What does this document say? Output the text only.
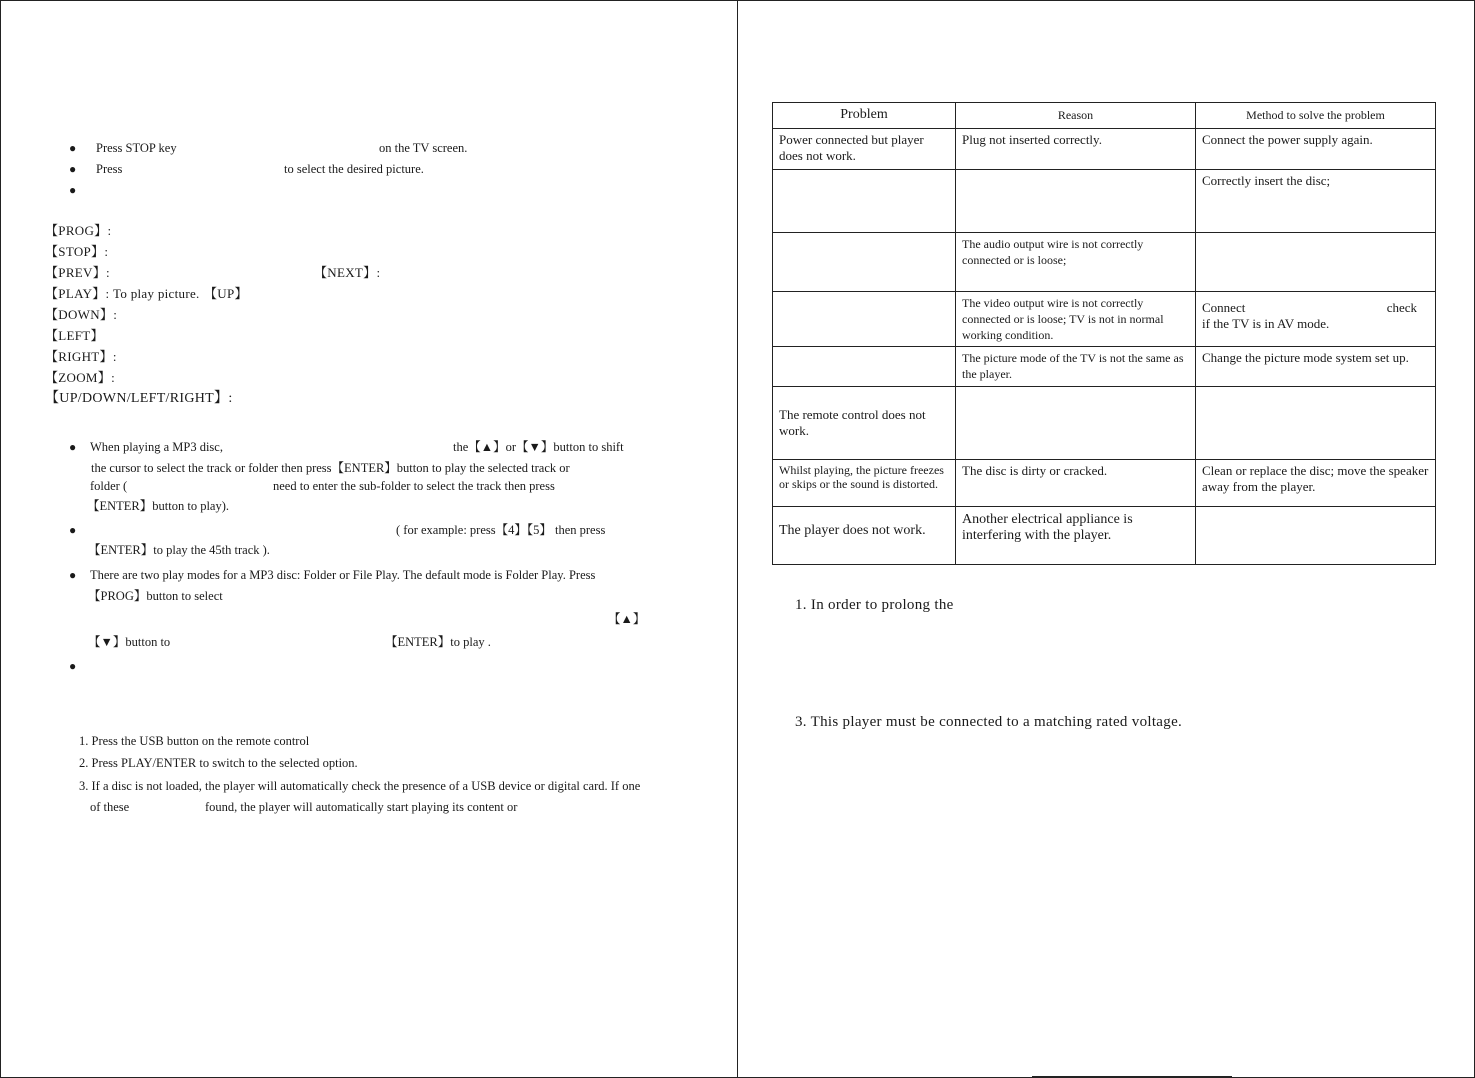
● Press STOP key	on the TV screen.
● Press	to select the desired picture.
●
【PROG】:
【STOP】:
【PREV】:	【NEXT】:
【PLAY】: To play picture. 【UP】
【DOWN】:
【LEFT】
【RIGHT】:
【ZOOM】:
【UP/DOWN/LEFT/RIGHT】:
● When playing a MP3 disc,	the【▲】or【▼】button to shift
the cursor to select the track or folder then press【ENTER】button to play the selected track or
folder (	need to enter the sub-folder to select the track then press
【ENTER】button to play).
●	( for example: press【4】【5】 then press
【ENTER】to play the 45th track ).
● There are two play modes for a MP3 disc: Folder or File Play. The default mode is Folder Play. Press
【PROG】button to select
【▲】
【▼】button to	【ENTER】to play .
●
1. Press the USB button on the remote control
2. Press PLAY/ENTER to switch to the selected option.
3. If a disc is not loaded, the player will automatically check the presence of a USB device or digital card. If one
of these	found, the player will automatically start playing its content or
Problem	Reason	Method to solve the problem
Power connected but player does not work.	Plug not inserted correctly.	Connect the power supply again.
		Correctly insert the disc;
	The audio output wire is not correctly connected or is loose;	
	The video output wire is not correctly connected or is loose; TV is not in normal working condition.	Connect check
if the TV is in AV mode.

	The picture mode of the TV is not the same as the player.	Change the picture mode system set up.
The remote control does not work.		
Whilst playing, the picture freezes or skips or the sound is distorted.	The disc is dirty or cracked.	Clean or replace the disc; move the speaker away from the player.
The player does not work.	Another electrical appliance is interfering with the player.	
1. In order to prolong the
3. This player must be connected to a matching rated voltage.
